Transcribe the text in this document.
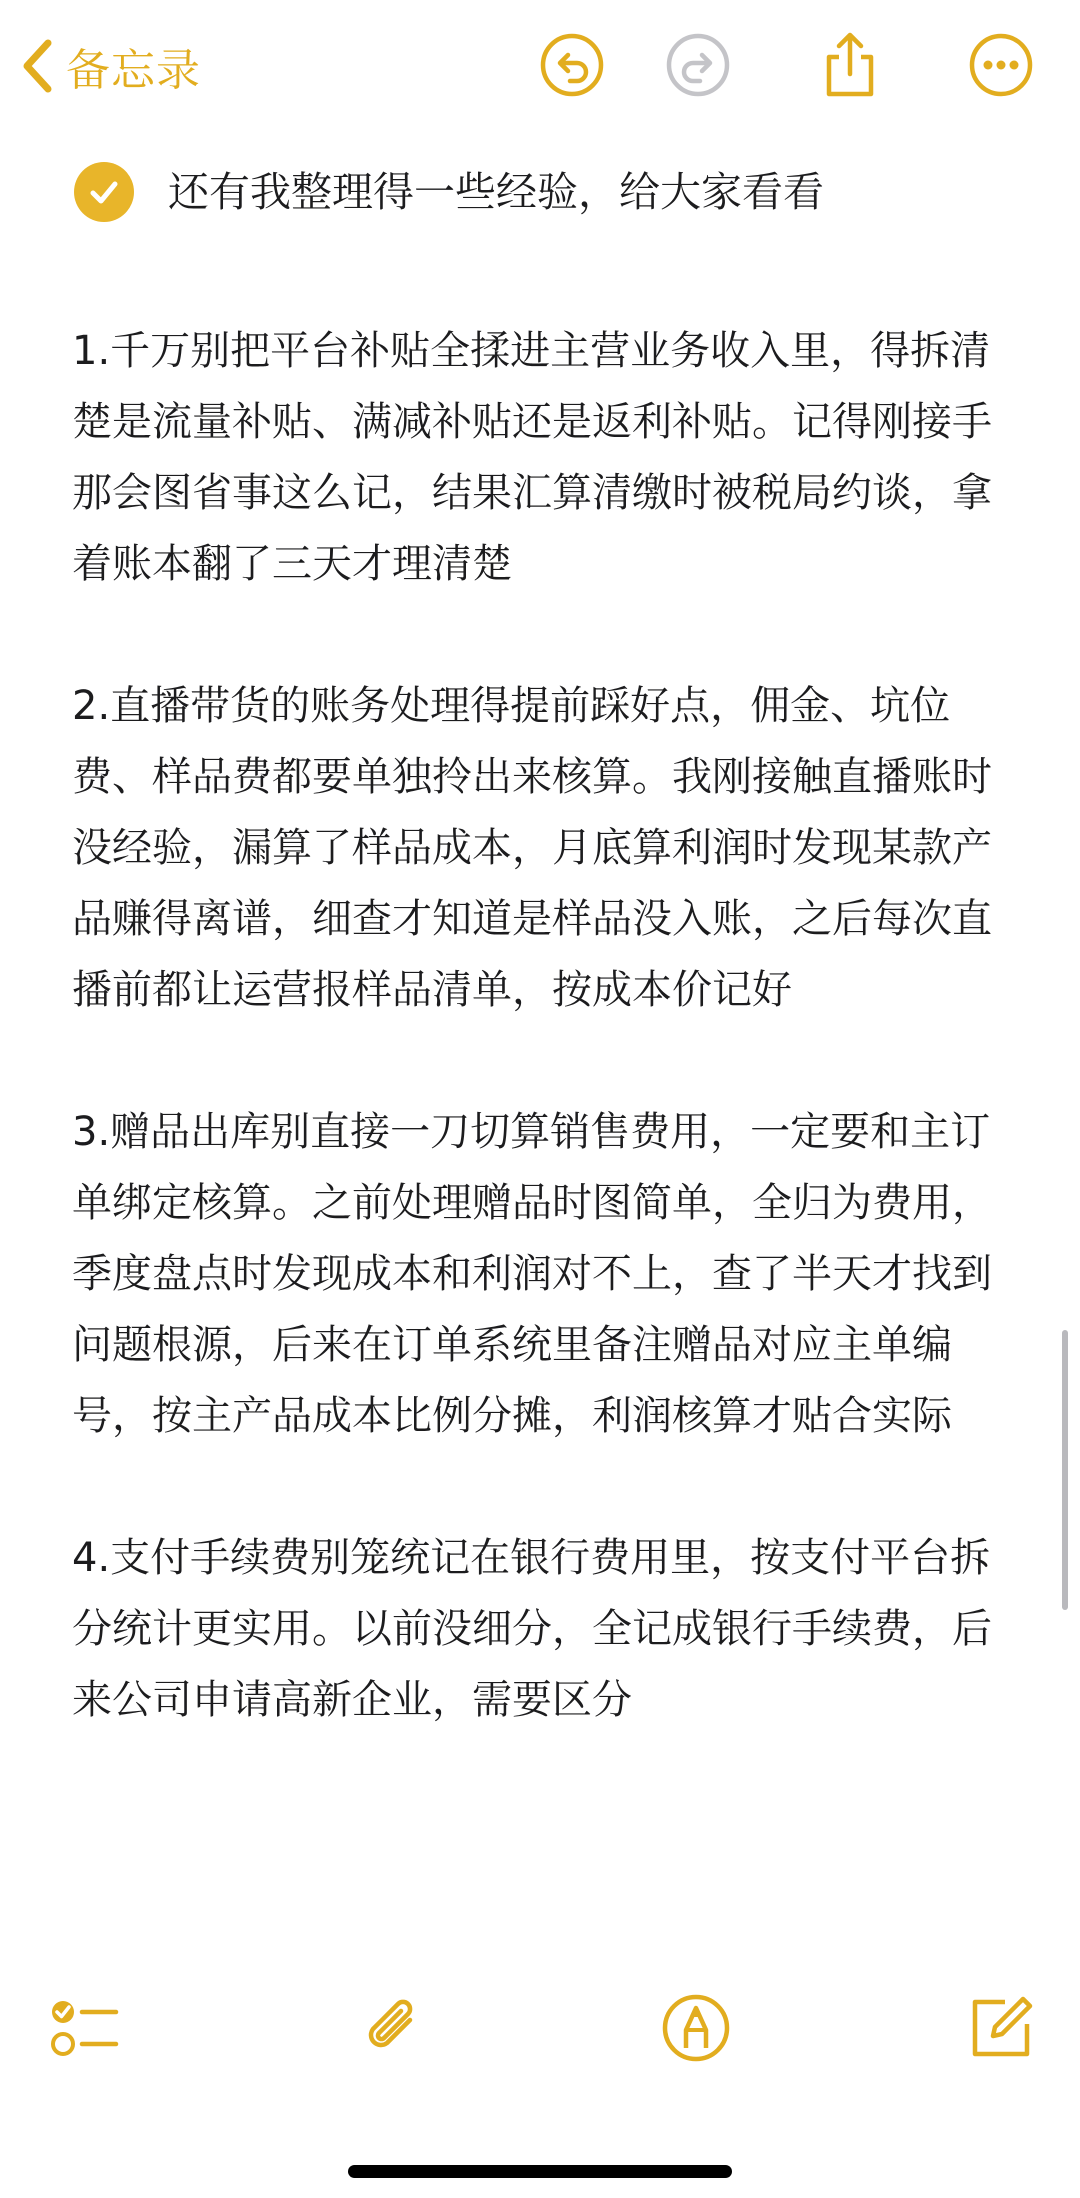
备忘录
还有我整理得一些经验，给大家看看

1.千万别把平台补贴全揉进主营业务收入里，得拆清楚是流量补贴、满减补贴还是返利补贴。记得刚接手那会图省事这么记，结果汇算清缴时被税局约谈，拿着账本翻了三天才理清楚

2.直播带货的账务处理得提前踩好点，佣金、坑位费、样品费都要单独拎出来核算。我刚接触直播账时没经验，漏算了样品成本，月底算利润时发现某款产品赚得离谱，细查才知道是样品没入账，之后每次直播前都让运营报样品清单，按成本价记好

3.赠品出库别直接一刀切算销售费用，一定要和主订单绑定核算。之前处理赠品时图简单，全归为费用，季度盘点时发现成本和利润对不上，查了半天才找到问题根源，后来在订单系统里备注赠品对应主单编号，按主产品成本比例分摊，利润核算才贴合实际

4.支付手续费别笼统记在银行费用里，按支付平台拆分统计更实用。以前没细分，全记成银行手续费，后来公司申请高新企业，需要区分
